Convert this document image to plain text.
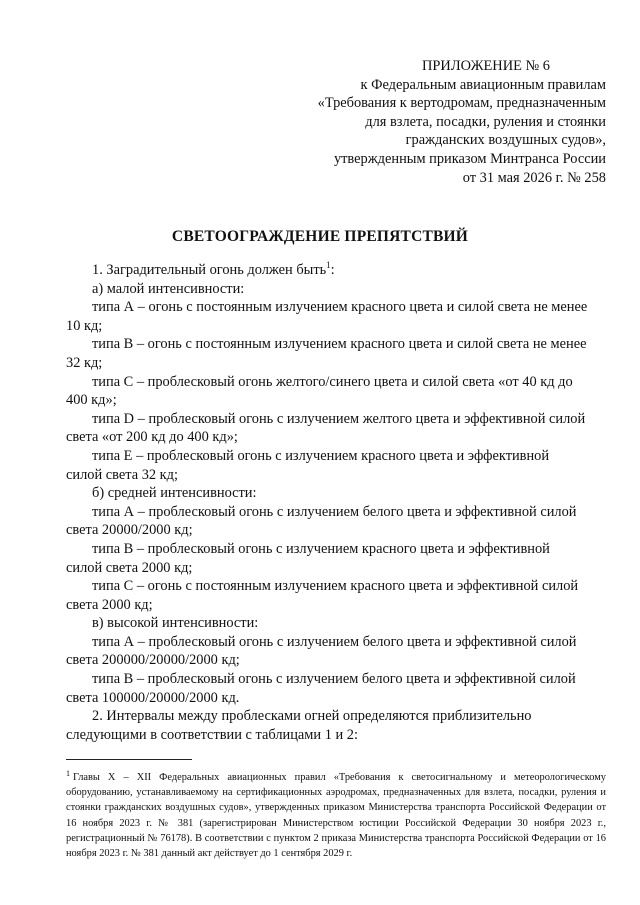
ПРИЛОЖЕНИЕ № 6
к Федеральным авиационным правилам
«Требования к вертодромам, предназначенным
для взлета, посадки, руления и стоянки
гражданских воздушных судов»,
утвержденным приказом Минтранса России
от 31 мая 2026 г. № 258
СВЕТООГРАЖДЕНИЕ ПРЕПЯТСТВИЙ
1. Заградительный огонь должен быть$^1$:
а) малой интенсивности:
типа А – огонь с постоянным излучением красного цвета и силой света не менее
10 кд;
типа В – огонь с постоянным излучением красного цвета и силой света не менее
32 кд;
типа С – проблесковый огонь желтого/синего цвета и силой света «от 40 кд до
400 кд»;
типа D – проблесковый огонь с излучением желтого цвета и эффективной силой
света «от 200 кд до 400 кд»;
типа Е – проблесковый огонь с излучением красного цвета и эффективной
силой света 32 кд;
б) средней интенсивности:
типа А – проблесковый огонь с излучением белого цвета и эффективной силой
света 20000/2000 кд;
типа В – проблесковый огонь с излучением красного цвета и эффективной
силой света 2000 кд;
типа С – огонь с постоянным излучением красного цвета и эффективной силой
света 2000 кд;
в) высокой интенсивности:
типа А – проблесковый огонь с излучением белого цвета и эффективной силой
света 200000/20000/2000 кд;
типа В – проблесковый огонь с излучением белого цвета и эффективной силой
света 100000/20000/2000 кд.
2. Интервалы между проблесками огней определяются приблизительно
следующими в соответствии с таблицами 1 и 2:
$^1$ Главы X – XII Федеральных авиационных правил «Требования к светосигнальному и метеорологическому оборудованию, устанавливаемому на сертификационных аэродромах, предназначенных для взлета, посадки, руления и стоянки гражданских воздушных судов», утвержденных приказом Министерства транспорта Российской Федерации от 16 ноября 2023 г. № 381 (зарегистрирован Министерством юстиции Российской Федерации 30 ноября 2023 г., регистрационный № 76178). В соответствии с пунктом 2 приказа Министерства транспорта Российской Федерации от 16 ноября 2023 г. № 381 данный акт действует до 1 сентября 2029 г.
